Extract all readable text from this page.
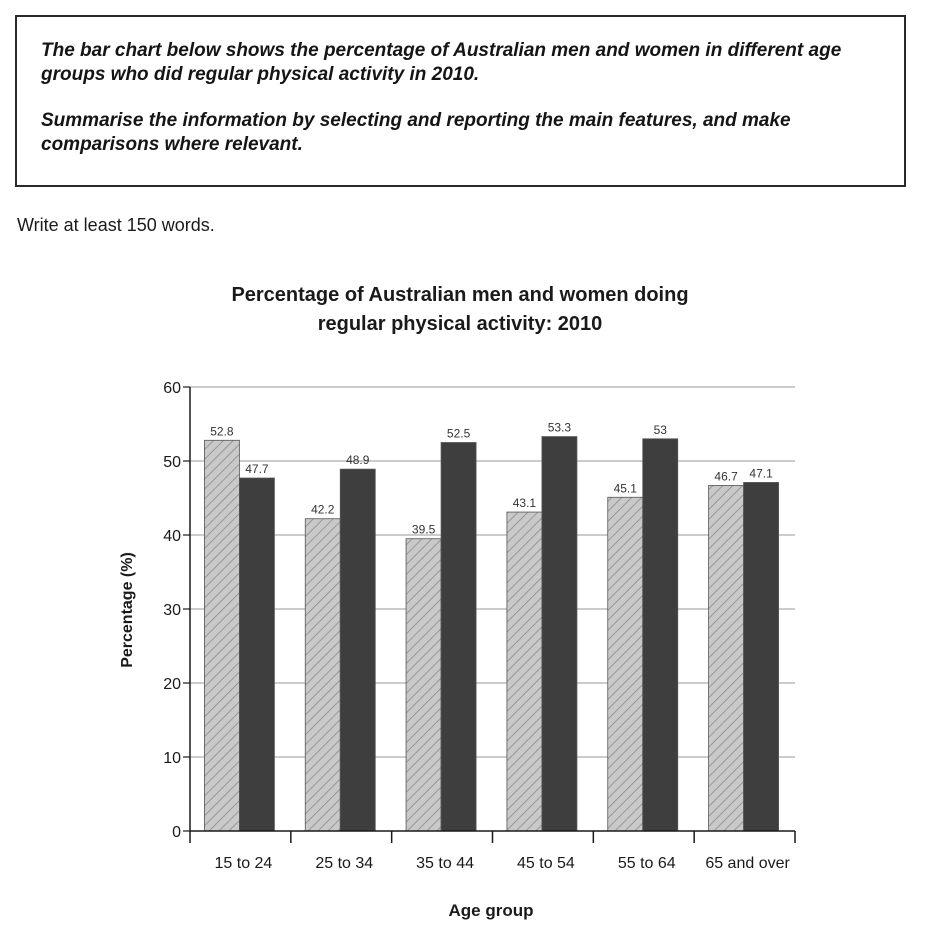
The bar chart below shows the percentage of Australian men and women in different age groups who did regular physical activity in 2010.

Summarise the information by selecting and reporting the main features, and make comparisons where relevant.

Write at least 150 words.

Percentage of Australian men and women doing

regular physical activity: 2010

0
10
20
30
40
50
60
15 to 24
52.8
47.7
25 to 34
42.2
48.9
35 to 44
39.5
52.5
45 to 54
43.1
53.3
55 to 64
45.1
53
65 and over
46.7 47.1
Age group
Percentage (%)
